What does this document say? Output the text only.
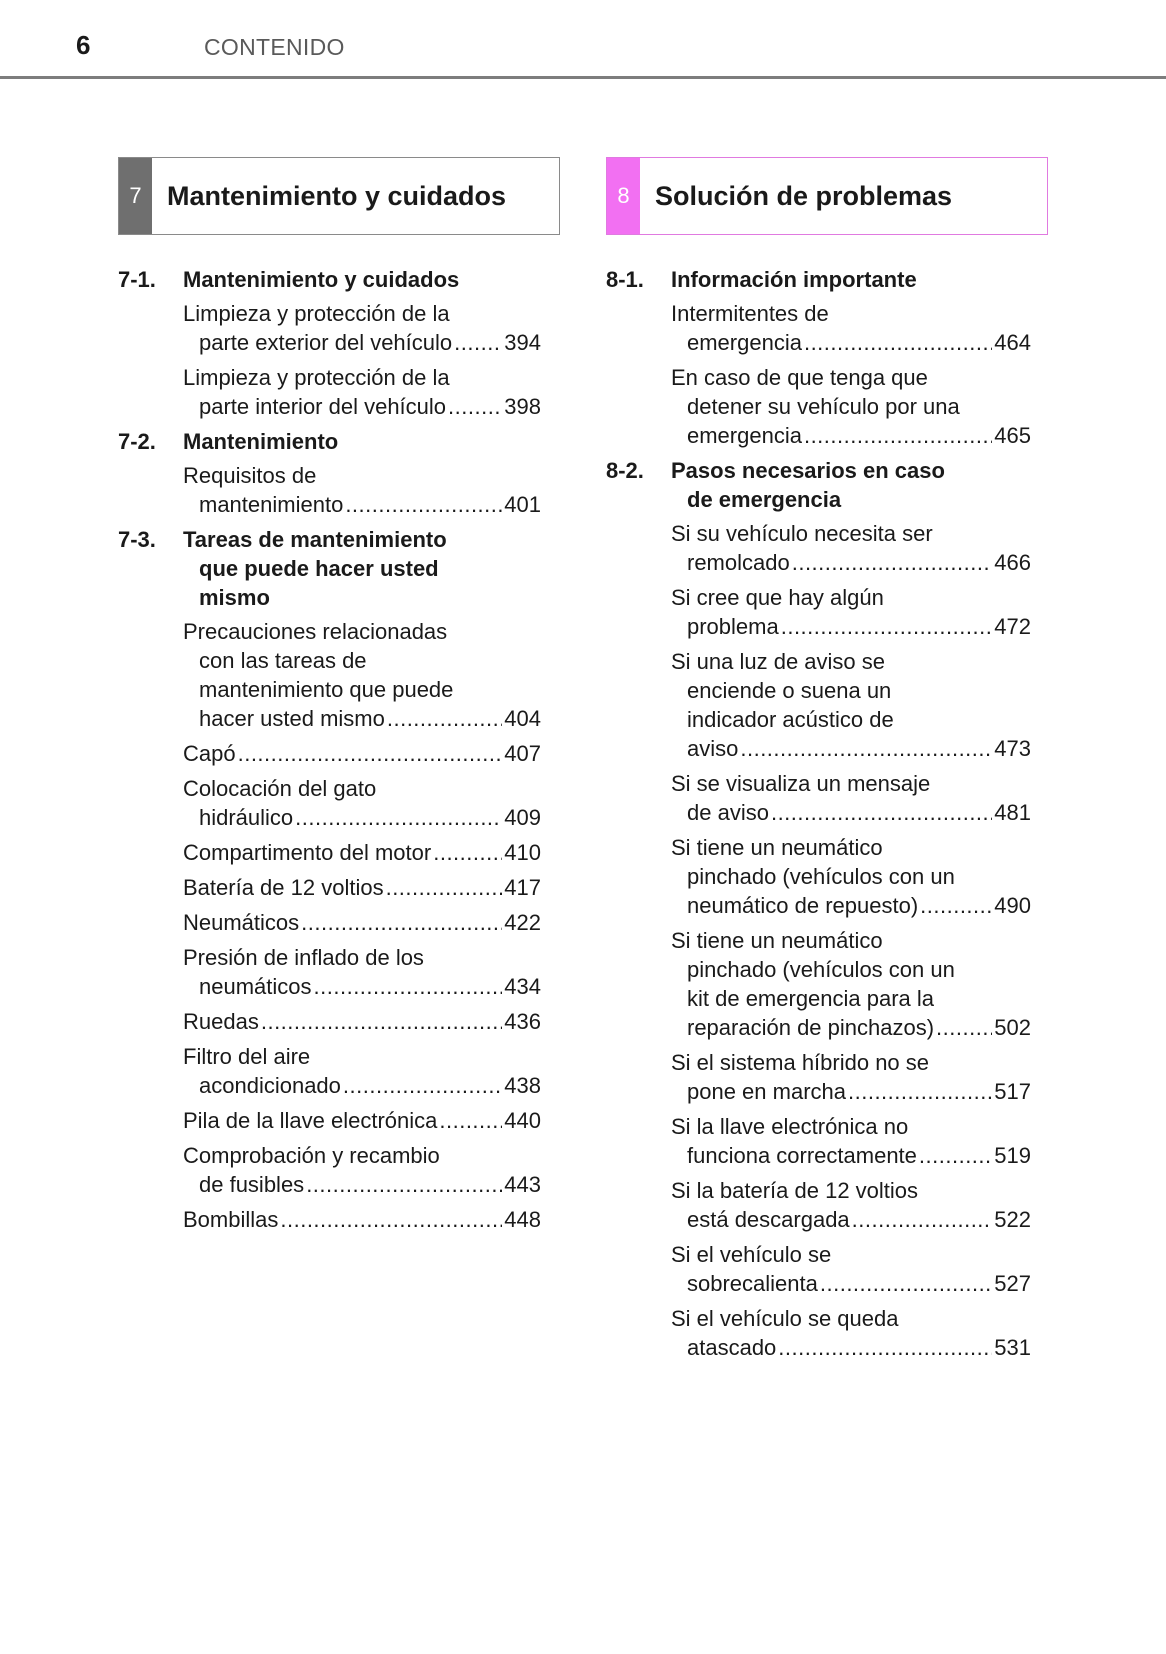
6	CONTENIDO
7 Mantenimiento y cuidados
7-1. Mantenimiento y cuidados
Limpieza y protección de la
parte exterior del vehículo ..... 394
Limpieza y protección de la
parte interior del vehículo .....	398
7-2. Mantenimiento
Requisitos de
mantenimiento .....	401
7-3. Tareas de mantenimiento
que puede hacer usted
mismo
Precauciones relacionadas
con las tareas de
mantenimiento que puede
hacer usted mismo .....	404
Capó .....	407
Colocación del gato
hidráulico .....	409
Compartimento del motor .....	410
Batería de 12 voltios .....	417
Neumáticos .....	422
Presión de inflado de los
neumáticos .....	434
Ruedas .....	436
Filtro del aire
acondicionado .....	438
Pila de la llave electrónica .....	440
Comprobación y recambio
de fusibles .....	443
Bombillas .....	448
8 Solución de problemas
8-1. Información importante
Intermitentes de
emergencia .....	464
En caso de que tenga que
detener su vehículo por una
emergencia .....	465
8-2. Pasos necesarios en caso
de emergencia
Si su vehículo necesita ser
remolcado .....	466
Si cree que hay algún
problema .....	472
Si una luz de aviso se
enciende o suena un
indicador acústico de
aviso .....	473
Si se visualiza un mensaje
de aviso .....	481
Si tiene un neumático
pinchado (vehículos con un
neumático de repuesto) .....	490
Si tiene un neumático
pinchado (vehículos con un
kit de emergencia para la
reparación de pinchazos) .....	502
Si el sistema híbrido no se
pone en marcha .....	517
Si la llave electrónica no
funciona correctamente .....	519
Si la batería de 12 voltios
está descargada .....	522
Si el vehículo se
sobrecalienta .....	527
Si el vehículo se queda
atascado .....	531
